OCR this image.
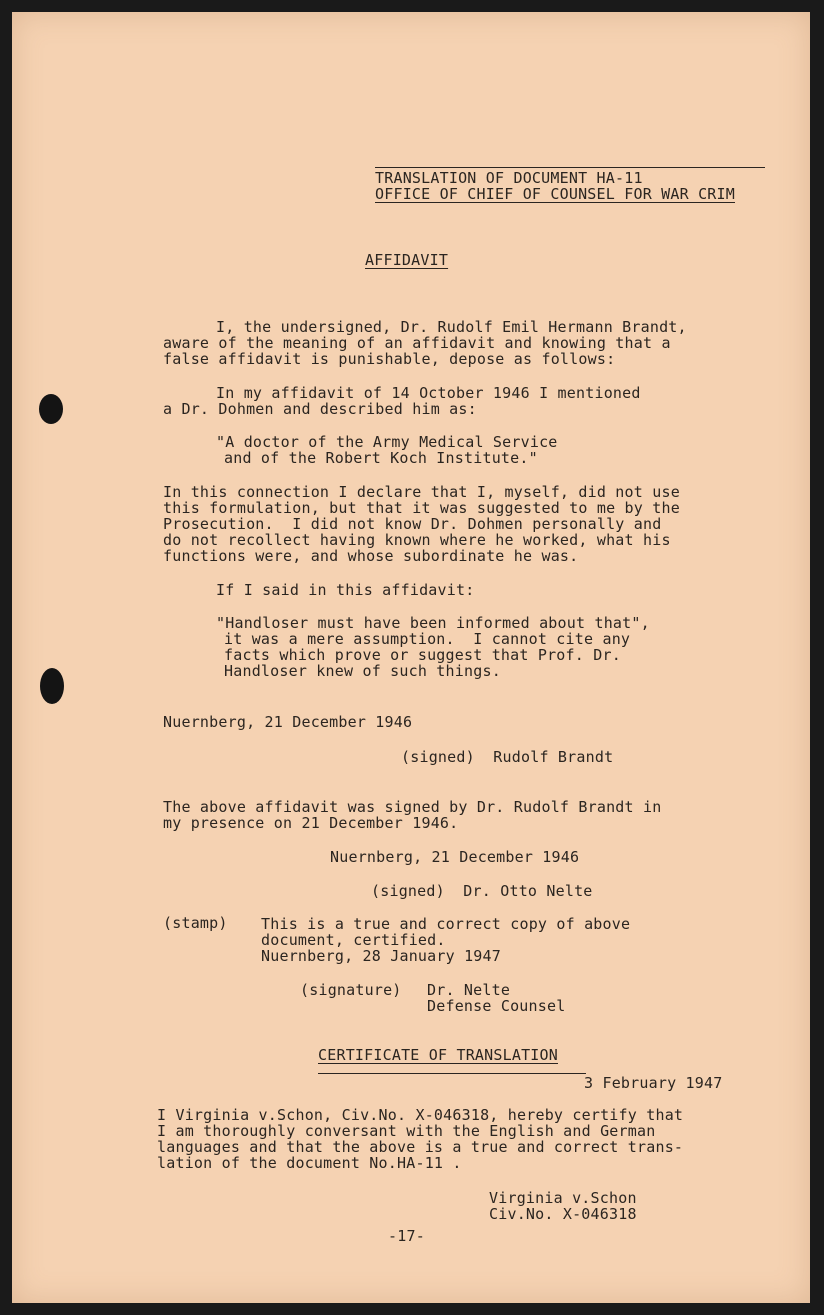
TRANSLATION OF DOCUMENT HA-11

OFFICE OF CHIEF OF COUNSEL FOR WAR CRIM

AFFIDAVIT

I, the undersigned, Dr. Rudolf Emil Hermann Brandt,

aware of the meaning of an affidavit and knowing that a

false affidavit is punishable, depose as follows:

In my affidavit of 14 October 1946 I mentioned

a Dr. Dohmen and described him as:

"A doctor of the Army Medical Service

and of the Robert Koch Institute."

In this connection I declare that I, myself, did not use

this formulation, but that it was suggested to me by the

Prosecution.  I did not know Dr. Dohmen personally and

do not recollect having known where he worked, what his

functions were, and whose subordinate he was.

If I said in this affidavit:

"Handloser must have been informed about that",

it was a mere assumption.  I cannot cite any

facts which prove or suggest that Prof. Dr.

Handloser knew of such things.

Nuernberg, 21 December 1946

(signed)  Rudolf Brandt

The above affidavit was signed by Dr. Rudolf Brandt in

my presence on 21 December 1946.

Nuernberg, 21 December 1946

(signed)  Dr. Otto Nelte

(stamp) This is a true and correct copy of above

document, certified.

Nuernberg, 28 January 1947

(signature) Dr. Nelte

Defense Counsel

CERTIFICATE OF TRANSLATION

3 February 1947

I Virginia v.Schon, Civ.No. X-046318, hereby certify that

I am thoroughly conversant with the English and German

languages and that the above is a true and correct trans-

lation of the document No.HA-11 .

Virginia v.Schon

Civ.No. X-046318

-17-
